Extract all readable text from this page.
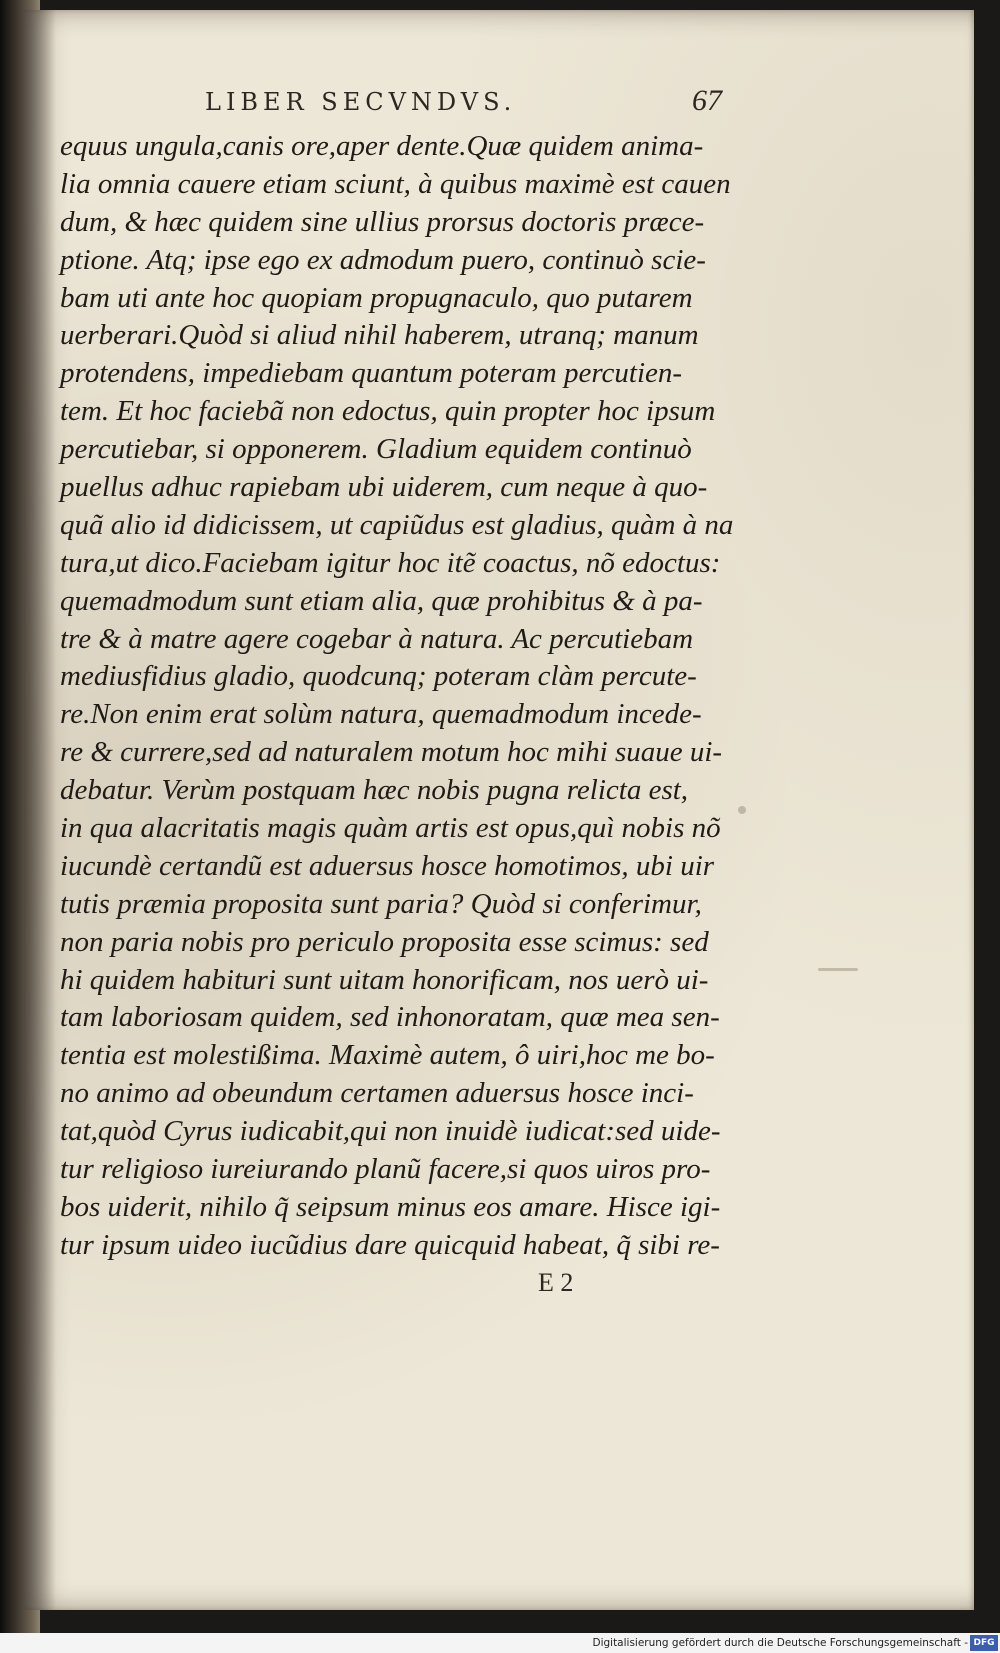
LIBER SECVNDVS.	67
equus ungula,canis ore,aper dente.Quæ quidem anima-
lia omnia cauere etiam sciunt, à quibus maximè est cauen
dum, & hæc quidem sine ullius prorsus doctoris præce-
ptione. Atq; ipse ego ex admodum puero, continuò scie-
bam uti ante hoc quopiam propugnaculo, quo putarem
uerberari.Quòd si aliud nihil haberem, utranq; manum
protendens, impediebam quantum poteram percutien-
tem. Et hoc faciebã non edoctus, quin propter hoc ipsum
percutiebar, si opponerem. Gladium equidem continuò
puellus adhuc rapiebam ubi uiderem, cum neque à quo-
quã alio id didicissem, ut capiũdus est gladius, quàm à na
tura,ut dico.Faciebam igitur hoc itẽ coactus, nõ edoctus:
quemadmodum sunt etiam alia, quæ prohibitus & à pa-
tre & à matre agere cogebar à natura. Ac percutiebam
mediusfidius gladio, quodcunq; poteram clàm percute-
re.Non enim erat solùm natura, quemadmodum incede-
re & currere,sed ad naturalem motum hoc mihi suaue ui-
debatur. Verùm postquam hæc nobis pugna relicta est,
in qua alacritatis magis quàm artis est opus,quì nobis nõ
iucundè certandũ est aduersus hosce homotimos, ubi uir
tutis præmia proposita sunt paria? Quòd si conferimur,
non paria nobis pro periculo proposita esse scimus: sed
hi quidem habituri sunt uitam honorificam, nos uerò ui-
tam laboriosam quidem, sed inhonoratam, quæ mea sen-
tentia est molestißima. Maximè autem, ô uiri,hoc me bo-
no animo ad obeundum certamen aduersus hosce inci-
tat,quòd Cyrus iudicabit,qui non inuidè iudicat:sed uide-
tur religioso iureiurando planũ facere,si quos uiros pro-
bos uiderit, nihilo q̃ seipsum minus eos amare. Hisce igi-
tur ipsum uideo iucũdius dare quicquid habeat, q̃ sibi re-
E 2
Digitalisierung gefördert durch die Deutsche Forschungsgemeinschaft - DFG
